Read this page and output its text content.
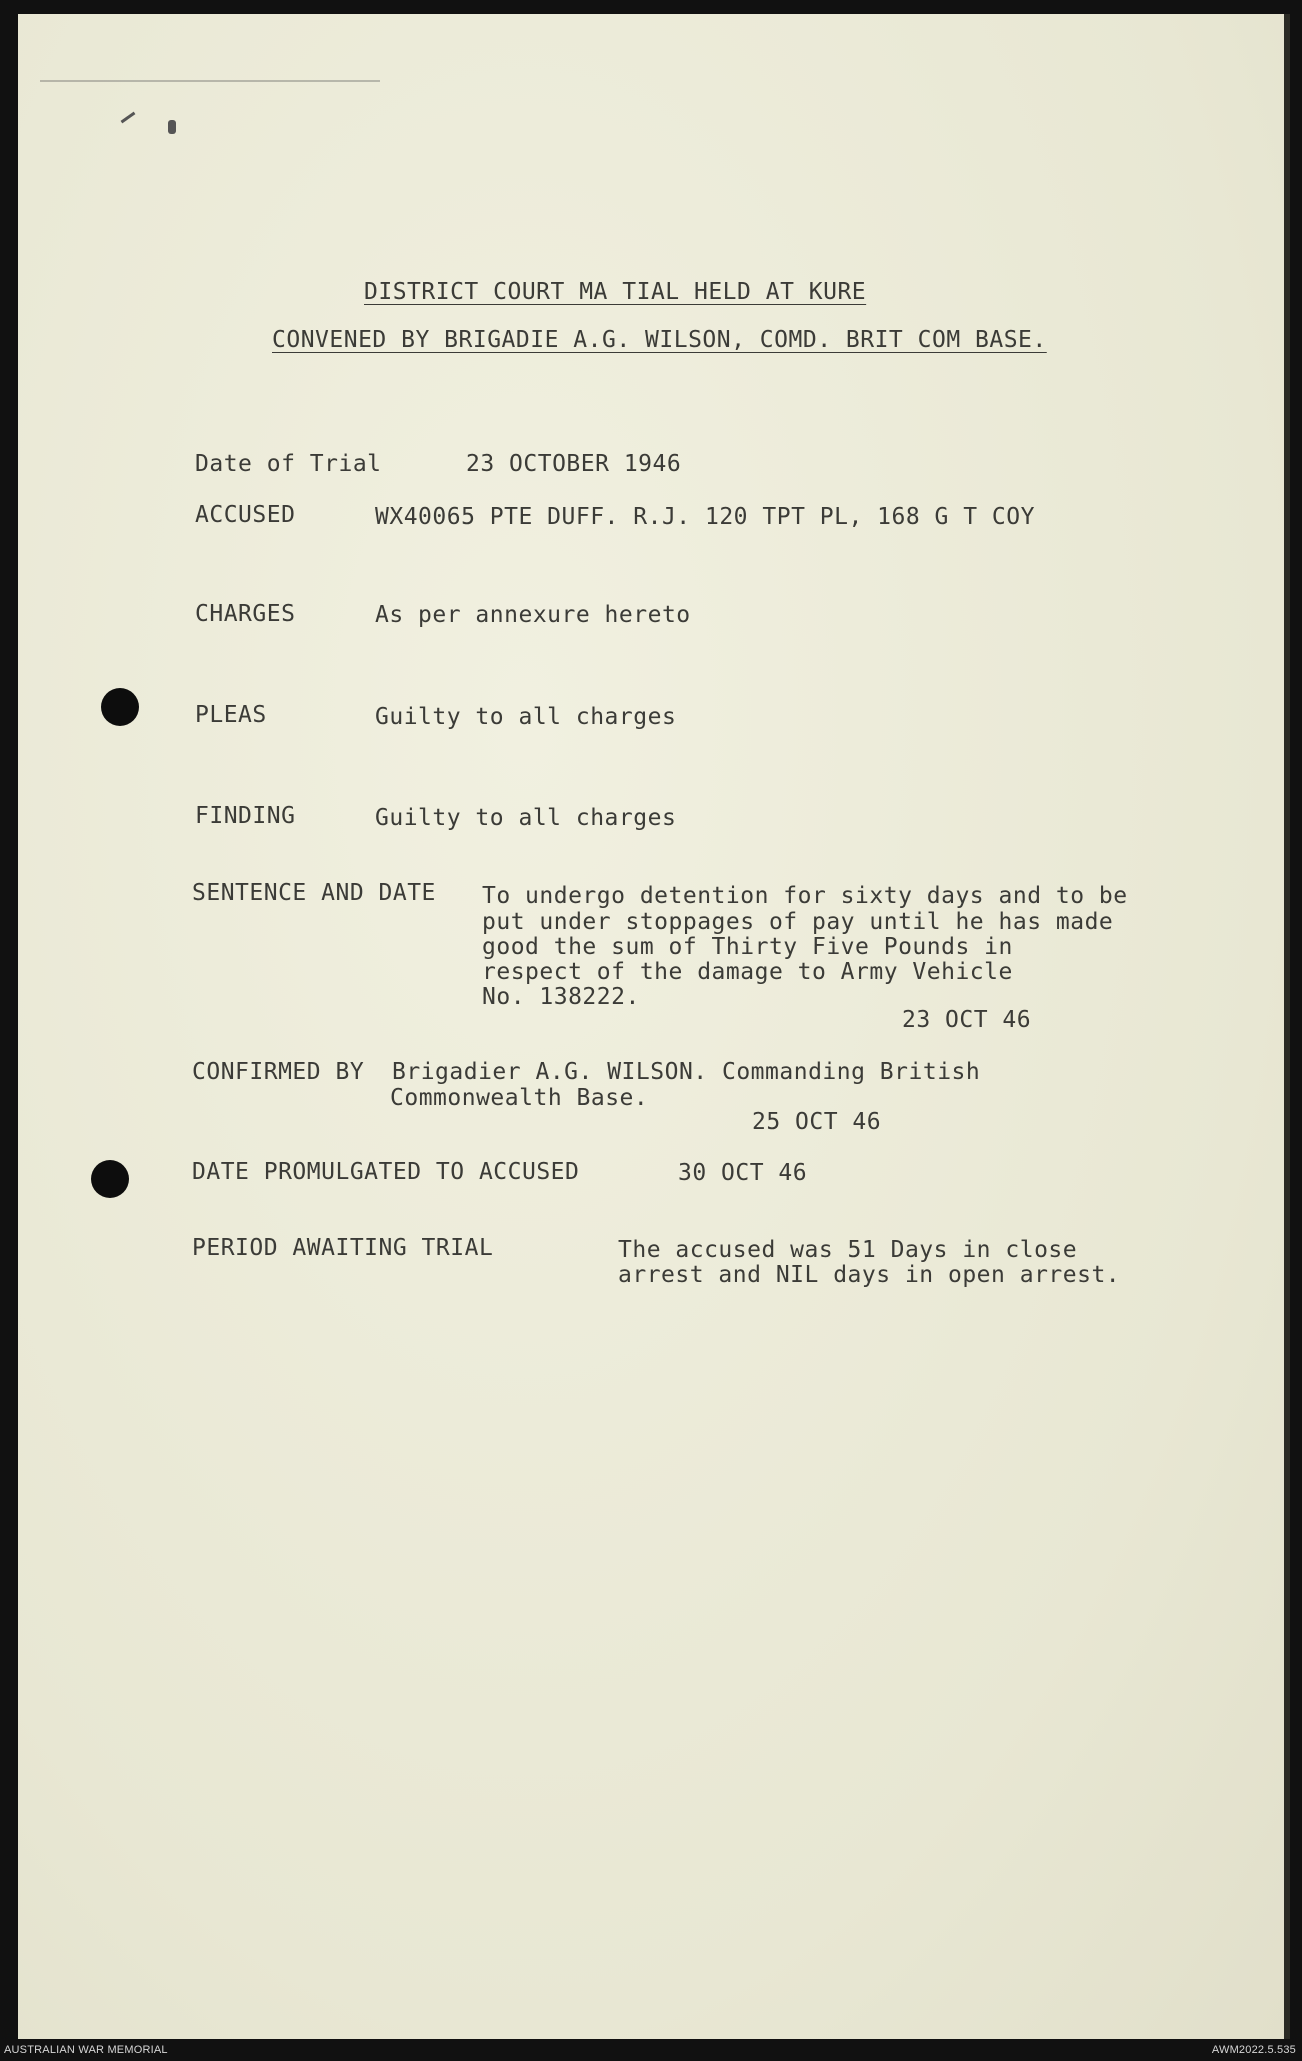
DISTRICT COURT MA TIAL HELD AT KURE
CONVENED BY BRIGADIE A.G. WILSON, COMD. BRIT COM BASE.
Date of Trial	23 OCTOBER 1946
ACCUSED	WX40065 PTE DUFF. R.J. 120 TPT PL, 168 G T COY
CHARGES	As per annexure hereto
PLEAS	Guilty to all charges
FINDING	Guilty to all charges
SENTENCE AND DATE To undergo detention for sixty days and to be
put under stoppages of pay until he has made
good the sum of Thirty Five Pounds in
respect of the damage to Army Vehicle
No. 138222.
23 OCT 46
CONFIRMED BY Brigadier A.G. WILSON. Commanding British
Commonwealth Base.
25 OCT 46
DATE PROMULGATED TO ACCUSED	30 OCT 46
PERIOD AWAITING TRIAL	The accused was 51 Days in close
arrest and NIL days in open arrest.
AUSTRALIAN WAR MEMORIAL	AWM2022.5.535
